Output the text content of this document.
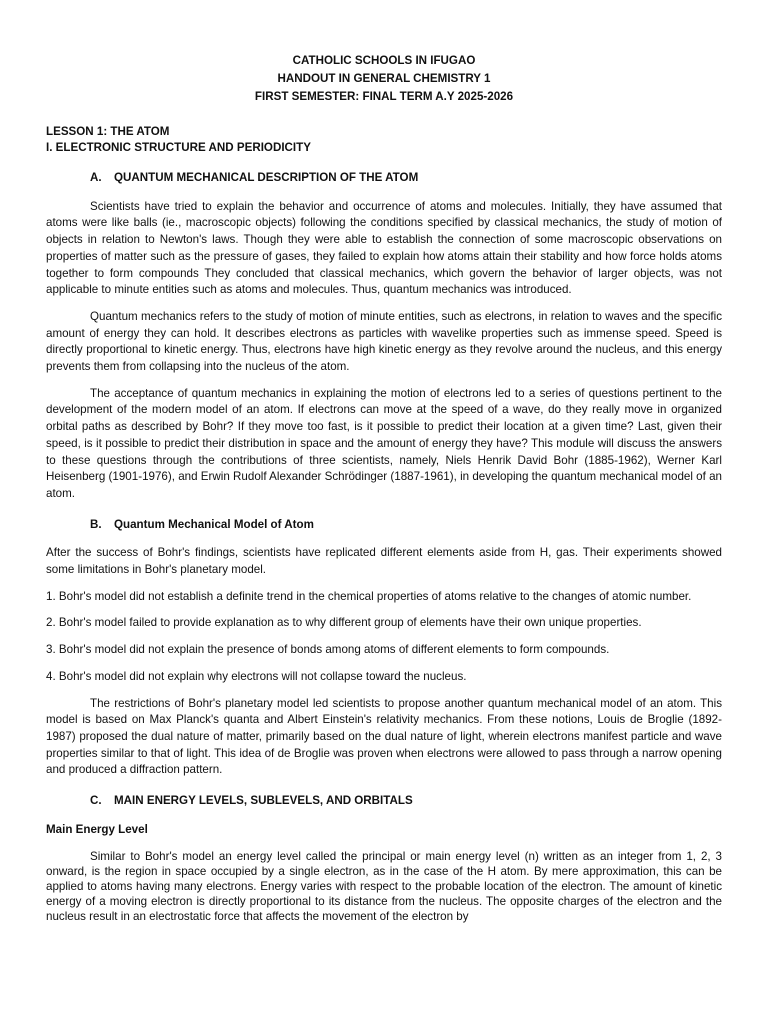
CATHOLIC SCHOOLS IN IFUGAO
HANDOUT IN GENERAL CHEMISTRY 1
FIRST SEMESTER: FINAL TERM A.Y 2025-2026
LESSON 1: THE ATOM
I. ELECTRONIC STRUCTURE AND PERIODICITY
A. QUANTUM MECHANICAL DESCRIPTION OF THE ATOM

Scientists have tried to explain the behavior and occurrence of atoms and molecules. Initially, they have assumed that atoms were like balls (ie., macroscopic objects) following the conditions specified by classical mechanics, the study of motion of objects in relation to Newton's laws. Though they were able to establish the connection of some macroscopic observations on properties of matter such as the pressure of gases, they failed to explain how atoms attain their stability and how force holds atoms together to form compounds They concluded that classical mechanics, which govern the behavior of larger objects, was not applicable to minute entities such as atoms and molecules. Thus, quantum mechanics was introduced.

Quantum mechanics refers to the study of motion of minute entities, such as electrons, in relation to waves and the specific amount of energy they can hold. It describes electrons as particles with wavelike properties such as immense speed. Speed is directly proportional to kinetic energy. Thus, electrons have high kinetic energy as they revolve around the nucleus, and this energy prevents them from collapsing into the nucleus of the atom.

The acceptance of quantum mechanics in explaining the motion of electrons led to a series of questions pertinent to the development of the modern model of an atom. If electrons can move at the speed of a wave, do they really move in organized orbital paths as described by Bohr? If they move too fast, is it possible to predict their location at a given time? Last, given their speed, is it possible to predict their distribution in space and the amount of energy they have? This module will discuss the answers to these questions through the contributions of three scientists, namely, Niels Henrik David Bohr (1885-1962), Werner Karl Heisenberg (1901-1976), and Erwin Rudolf Alexander Schrödinger (1887-1961), in developing the quantum mechanical model of an atom.

B. Quantum Mechanical Model of Atom

After the success of Bohr's findings, scientists have replicated different elements aside from H, gas. Their experiments showed some limitations in Bohr's planetary model.

1. Bohr's model did not establish a definite trend in the chemical properties of atoms relative to the changes of atomic number.

2. Bohr's model failed to provide explanation as to why different group of elements have their own unique properties.

3. Bohr's model did not explain the presence of bonds among atoms of different elements to form compounds.

4. Bohr's model did not explain why electrons will not collapse toward the nucleus.

The restrictions of Bohr's planetary model led scientists to propose another quantum mechanical model of an atom. This model is based on Max Planck's quanta and Albert Einstein's relativity mechanics. From these notions, Louis de Broglie (1892-1987) proposed the dual nature of matter, primarily based on the dual nature of light, wherein electrons manifest particle and wave properties similar to that of light. This idea of de Broglie was proven when electrons were allowed to pass through a narrow opening and produced a diffraction pattern.

C. MAIN ENERGY LEVELS, SUBLEVELS, AND ORBITALS
Main Energy Level

Similar to Bohr's model an energy level called the principal or main energy level (n) written as an integer from 1, 2, 3 onward, is the region in space occupied by a single electron, as in the case of the H atom. By mere approximation, this can be applied to atoms having many electrons. Energy varies with respect to the probable location of the electron. The amount of kinetic energy of a moving electron is directly proportional to its distance from the nucleus. The opposite charges of the electron and the nucleus result in an electrostatic force that affects the movement of the electron by
